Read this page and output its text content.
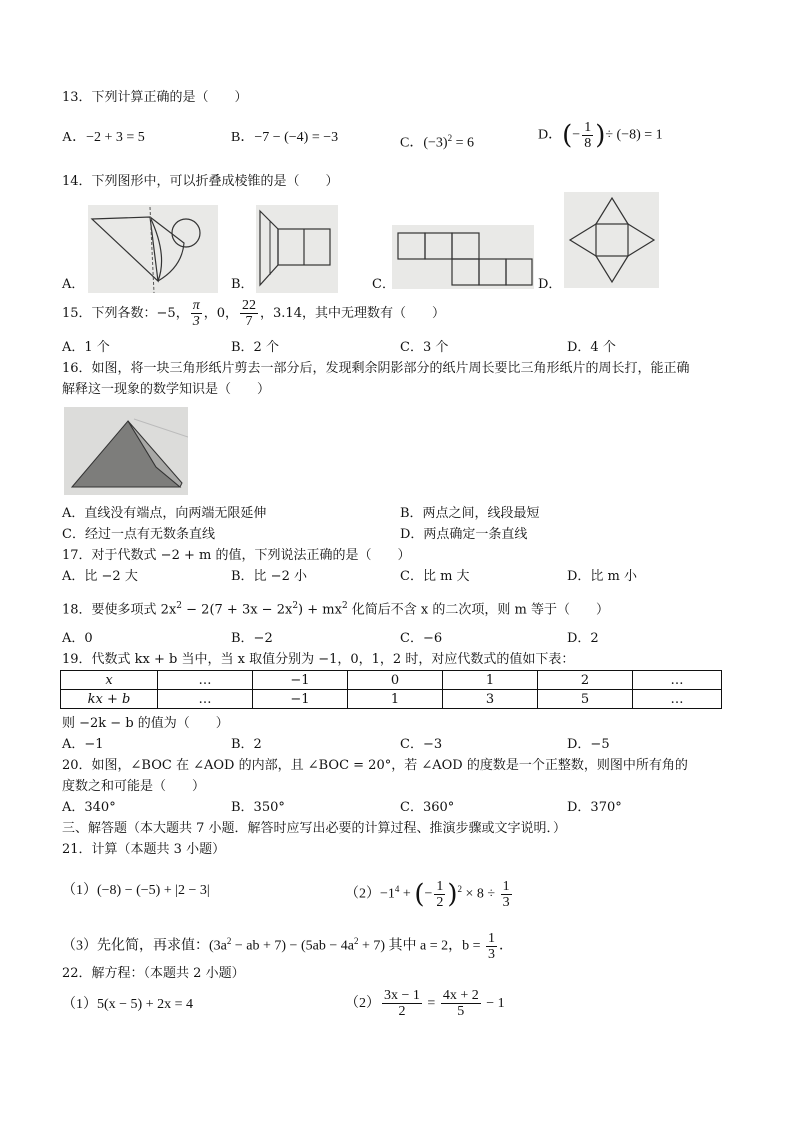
13．下列计算正确的是（　　）
A．−2 + 3 = 5	B．−7 − (−4) = −3	C．$(-3)^2 = 6$
D．(− $\frac{1}{8}$ )÷ (−8) = 1
14．下列图形中，可以折叠成棱锥的是（　　）
A．	B．	C．	D．
15．下列各数：−5， $\frac{\pi}{3}$ ，0， $\frac{22}{7}$ ，3.14，其中无理数有（　　）
A．1 个	B．2 个	C．3 个	D．4 个
16．如图，将一块三角形纸片剪去一部分后，发现剩余阴影部分的纸片周长要比三角形纸片的周长打，能正确
解释这一现象的数学知识是（　　）
A．直线没有端点，向两端无限延伸	B．两点之间，线段最短
C．经过一点有无数条直线	D．两点确定一条直线
17．对于代数式 −2 + m 的值，下列说法正确的是（　　）
A．比 −2 大	B．比 −2 小	C．比 m 大	D．比 m 小
18．要使多项式 $2x^2 - 2(7 + 3x - 2x^2) + mx^2$ 化简后不含 x 的二次项，则 m 等于（　　）
A．0	B．−2	C．−6	D．2
19．代数式 kx + b 当中，当 x 取值分别为 −1，0，1，2 时，对应代数式的值如下表：
x	…	−1	0	1	2	…
kx + b	…	−1	1	3	5	…
则 −2k − b 的值为（　　）
A．−1	B．2	C．−3	D．−5
20．如图，∠BOC 在 ∠AOD 的内部，且 ∠BOC = 20°，若 ∠AOD 的度数是一个正整数，则图中所有角的
度数之和可能是（　　）
A．340°	B．350°	C．360°	D．370°
三、解答题（本大题共 7 小题．解答时应写出必要的计算过程、推演步骤或文字说明．）
21．计算（本题共 3 小题）
（1）(−8) − (−5) + |2 − 3|	$(2)-1^4$ + (− $\frac{1}{2} )^2 \times 8 \div \frac{1}{3}$
（3）先化简，再求值：($3a^2$ − ab + $7) - (5ab - 4a^2 + 7)$ 其中 a = 2，$b = \frac{1}{3}$ ．
22．解方程：（本题共 2 小题）
（1）5(x − 5) + 2x = 4	$(2) \frac{3x - 1}{2} = \frac{4x + 2}{5} - 1$
